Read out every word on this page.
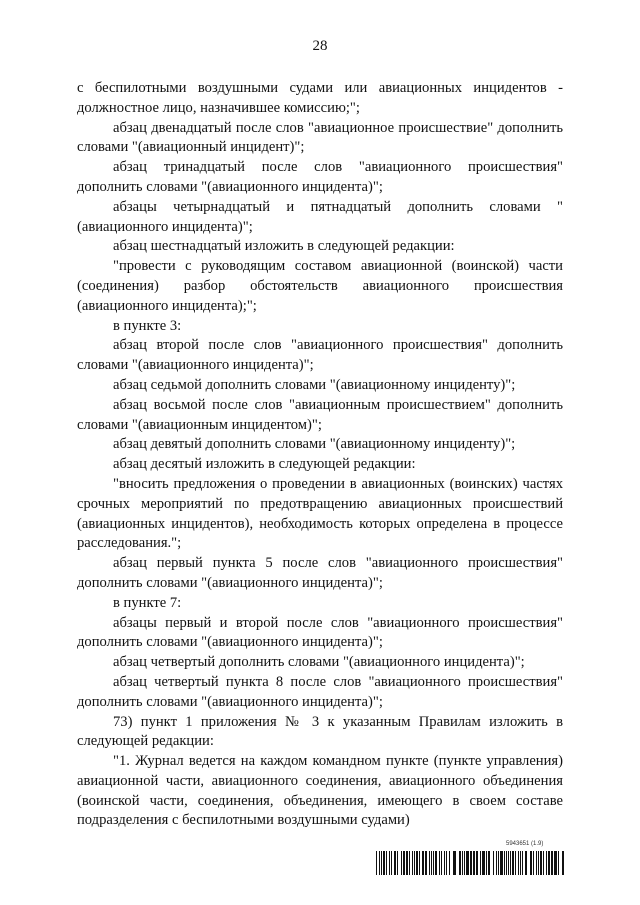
28

с беспилотными воздушными судами или авиационных инцидентов - должностное лицо, назначившее комиссию;";

абзац двенадцатый после слов "авиационное происшествие" дополнить словами "(авиационный инцидент)";

абзац тринадцатый после слов "авиационного происшествия" дополнить словами "(авиационного инцидента)";

абзацы четырнадцатый и пятнадцатый дополнить словами "(авиационного инцидента)";

абзац шестнадцатый изложить в следующей редакции:

"провести с руководящим составом авиационной (воинской) части (соединения) разбор обстоятельств авиационного происшествия (авиационного инцидента);";

в пункте 3:

абзац второй после слов "авиационного происшествия" дополнить словами "(авиационного инцидента)";

абзац седьмой дополнить словами "(авиационному инциденту)";

абзац восьмой после слов "авиационным происшествием" дополнить словами "(авиационным инцидентом)";

абзац девятый дополнить словами "(авиационному инциденту)";

абзац десятый изложить в следующей редакции:

"вносить предложения о проведении в авиационных (воинских) частях срочных мероприятий по предотвращению авиационных происшествий (авиационных инцидентов), необходимость которых определена в процессе расследования.";

абзац первый пункта 5 после слов "авиационного происшествия" дополнить словами "(авиационного инцидента)";

в пункте 7:

абзацы первый и второй после слов "авиационного происшествия" дополнить словами "(авиационного инцидента)";

абзац четвертый дополнить словами "(авиационного инцидента)";

абзац четвертый пункта 8 после слов "авиационного происшествия" дополнить словами "(авиационного инцидента)";

73) пункт 1 приложения № 3 к указанным Правилам изложить в следующей редакции:

"1. Журнал ведется на каждом командном пункте (пункте управления) авиационной части, авиационного соединения, авиационного объединения (воинской части, соединения, объединения, имеющего в своем составе подразделения с беспилотными воздушными судами)

5943651 (1.9)
